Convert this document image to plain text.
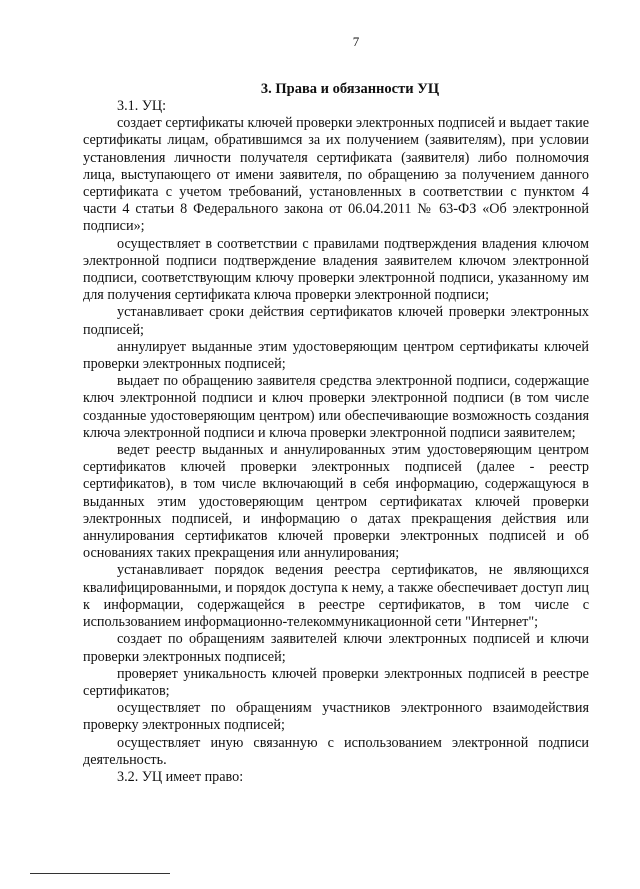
7
3. Права и обязанности УЦ

3.1. УЦ:

создает сертификаты ключей проверки электронных подписей и выдает такие сертификаты лицам, обратившимся за их получением (заявителям), при условии установления личности получателя сертификата (заявителя) либо полномочия лица, выступающего от имени заявителя, по обращению за получением данного сертификата с учетом требований, установленных в соответствии с пунктом 4 части 4 статьи 8 Федерального закона от 06.04.2011 № 63-ФЗ «Об электронной подписи»;

осуществляет в соответствии с правилами подтверждения владения ключом электронной подписи подтверждение владения заявителем ключом электронной подписи, соответствующим ключу проверки электронной подписи, указанному им для получения сертификата ключа проверки электронной подписи;

устанавливает сроки действия сертификатов ключей проверки электронных подписей;

аннулирует выданные этим удостоверяющим центром сертификаты ключей проверки электронных подписей;

выдает по обращению заявителя средства электронной подписи, содержащие ключ электронной подписи и ключ проверки электронной подписи (в том числе созданные удостоверяющим центром) или обеспечивающие возможность создания ключа электронной подписи и ключа проверки электронной подписи заявителем;

ведет реестр выданных и аннулированных этим удостоверяющим центром сертификатов ключей проверки электронных подписей (далее - реестр сертификатов), в том числе включающий в себя информацию, содержащуюся в выданных этим удостоверяющим центром сертификатах ключей проверки электронных подписей, и информацию о датах прекращения действия или аннулирования сертификатов ключей проверки электронных подписей и об основаниях таких прекращения или аннулирования;

устанавливает порядок ведения реестра сертификатов, не являющихся квалифицированными, и порядок доступа к нему, а также обеспечивает доступ лиц к информации, содержащейся в реестре сертификатов, в том числе с использованием информационно-телекоммуникационной сети "Интернет";

создает по обращениям заявителей ключи электронных подписей и ключи проверки электронных подписей;

проверяет уникальность ключей проверки электронных подписей в реестре сертификатов;

осуществляет по обращениям участников электронного взаимодействия проверку электронных подписей;

осуществляет иную связанную с использованием электронной подписи деятельность.

3.2. УЦ имеет право:
